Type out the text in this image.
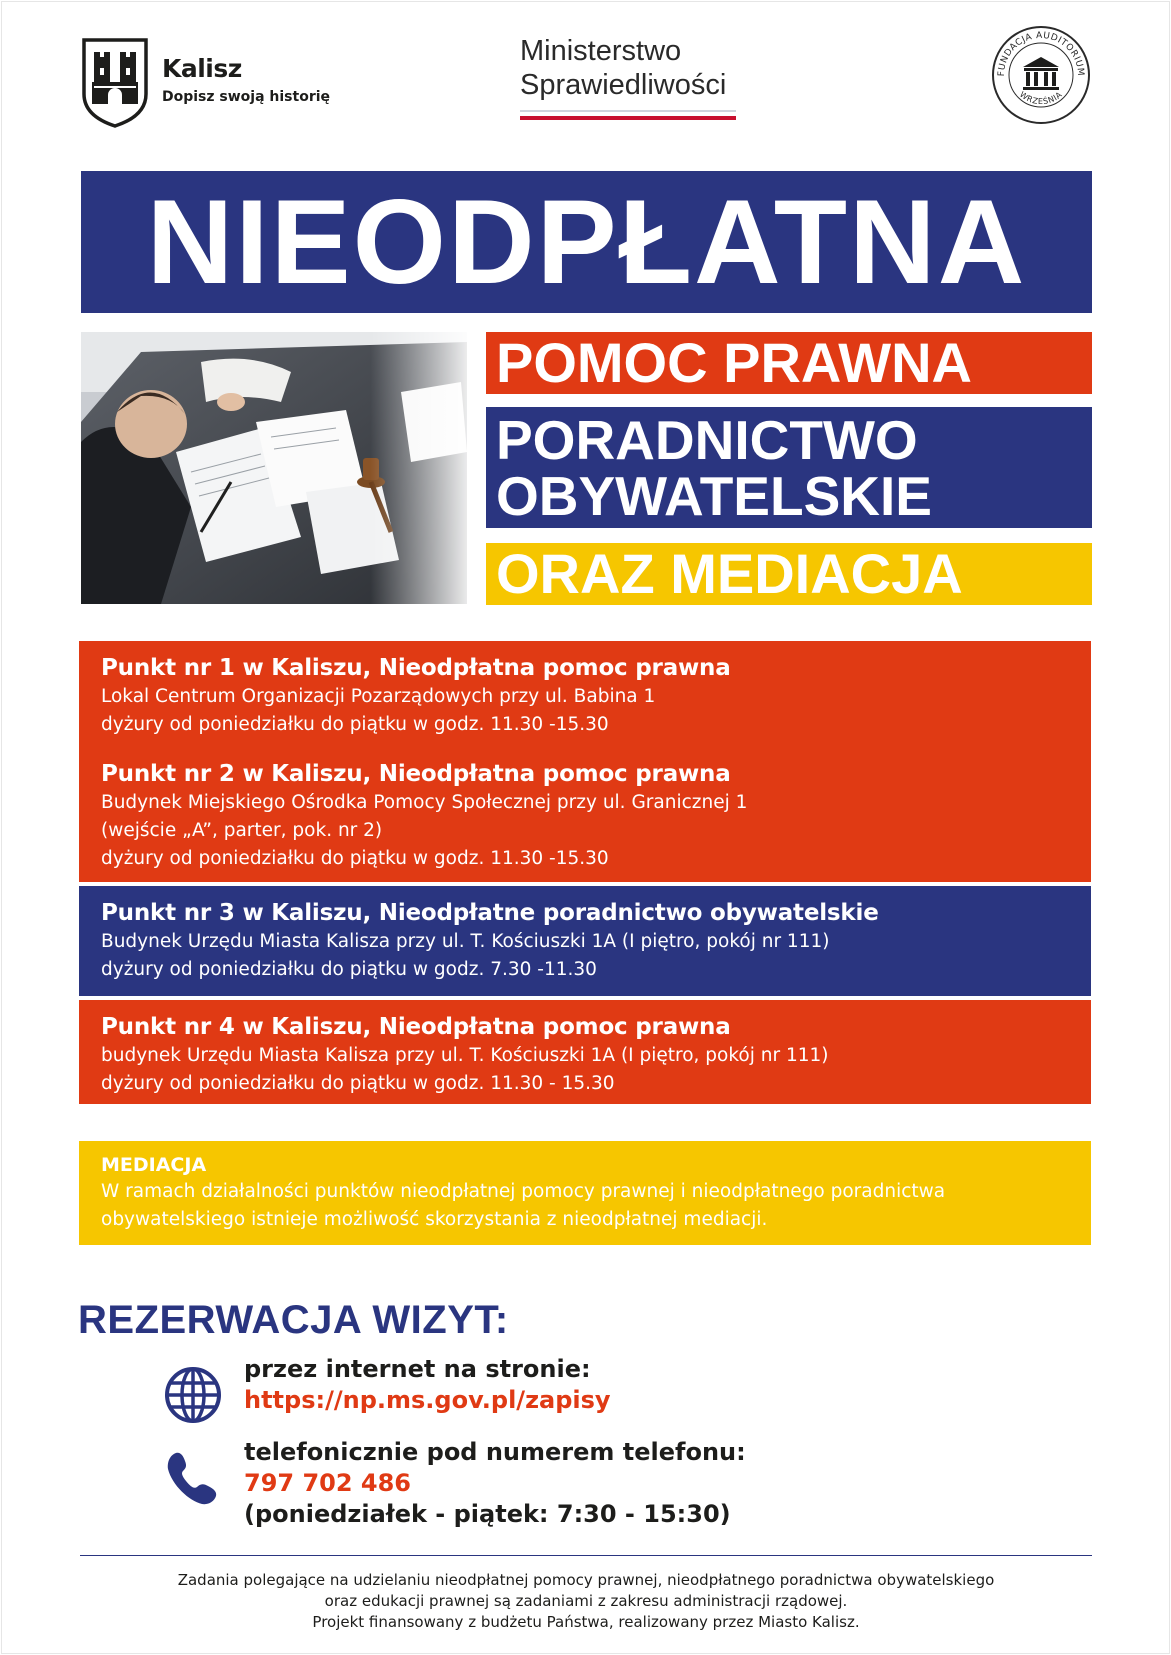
Kalisz
Dopisz swoją historię
Ministerstwo
Sprawiedliwości	FUNDACJA AUDITORIUM
WRZEŚNIA
NIEODPŁATNA
POMOC PRAWNA
PORADNICTWO
OBYWATELSKIE
ORAZ MEDIACJA
Punkt nr 1 w Kaliszu, Nieodpłatna pomoc prawna
Lokal Centrum Organizacji Pozarządowych przy ul. Babina 1
dyżury od poniedziałku do piątku w godz. 11.30 -15.30
Punkt nr 2 w Kaliszu, Nieodpłatna pomoc prawna
Budynek Miejskiego Ośrodka Pomocy Społecznej przy ul. Granicznej 1
(wejście „A”, parter, pok. nr 2)
dyżury od poniedziałku do piątku w godz. 11.30 -15.30
Punkt nr 3 w Kaliszu, Nieodpłatne poradnictwo obywatelskie
Budynek Urzędu Miasta Kalisza przy ul. T. Kościuszki 1A (I piętro, pokój nr 111)
dyżury od poniedziałku do piątku w godz. 7.30 -11.30
Punkt nr 4 w Kaliszu, Nieodpłatna pomoc prawna
budynek Urzędu Miasta Kalisza przy ul. T. Kościuszki 1A (I piętro, pokój nr 111)
dyżury od poniedziałku do piątku w godz. 11.30 - 15.30
MEDIACJA
W ramach działalności punktów nieodpłatnej pomocy prawnej i nieodpłatnego poradnictwa
obywatelskiego istnieje możliwość skorzystania z nieodpłatnej mediacji.
REZERWACJA WIZYT:
przez internet na stronie:
https://np.ms.gov.pl/zapisy
telefonicznie pod numerem telefonu:
797 702 486
(poniedziałek - piątek: 7:30 - 15:30)
Zadania polegające na udzielaniu nieodpłatnej pomocy prawnej, nieodpłatnego poradnictwa obywatelskiego
oraz edukacji prawnej są zadaniami z zakresu administracji rządowej.
Projekt finansowany z budżetu Państwa, realizowany przez Miasto Kalisz.
